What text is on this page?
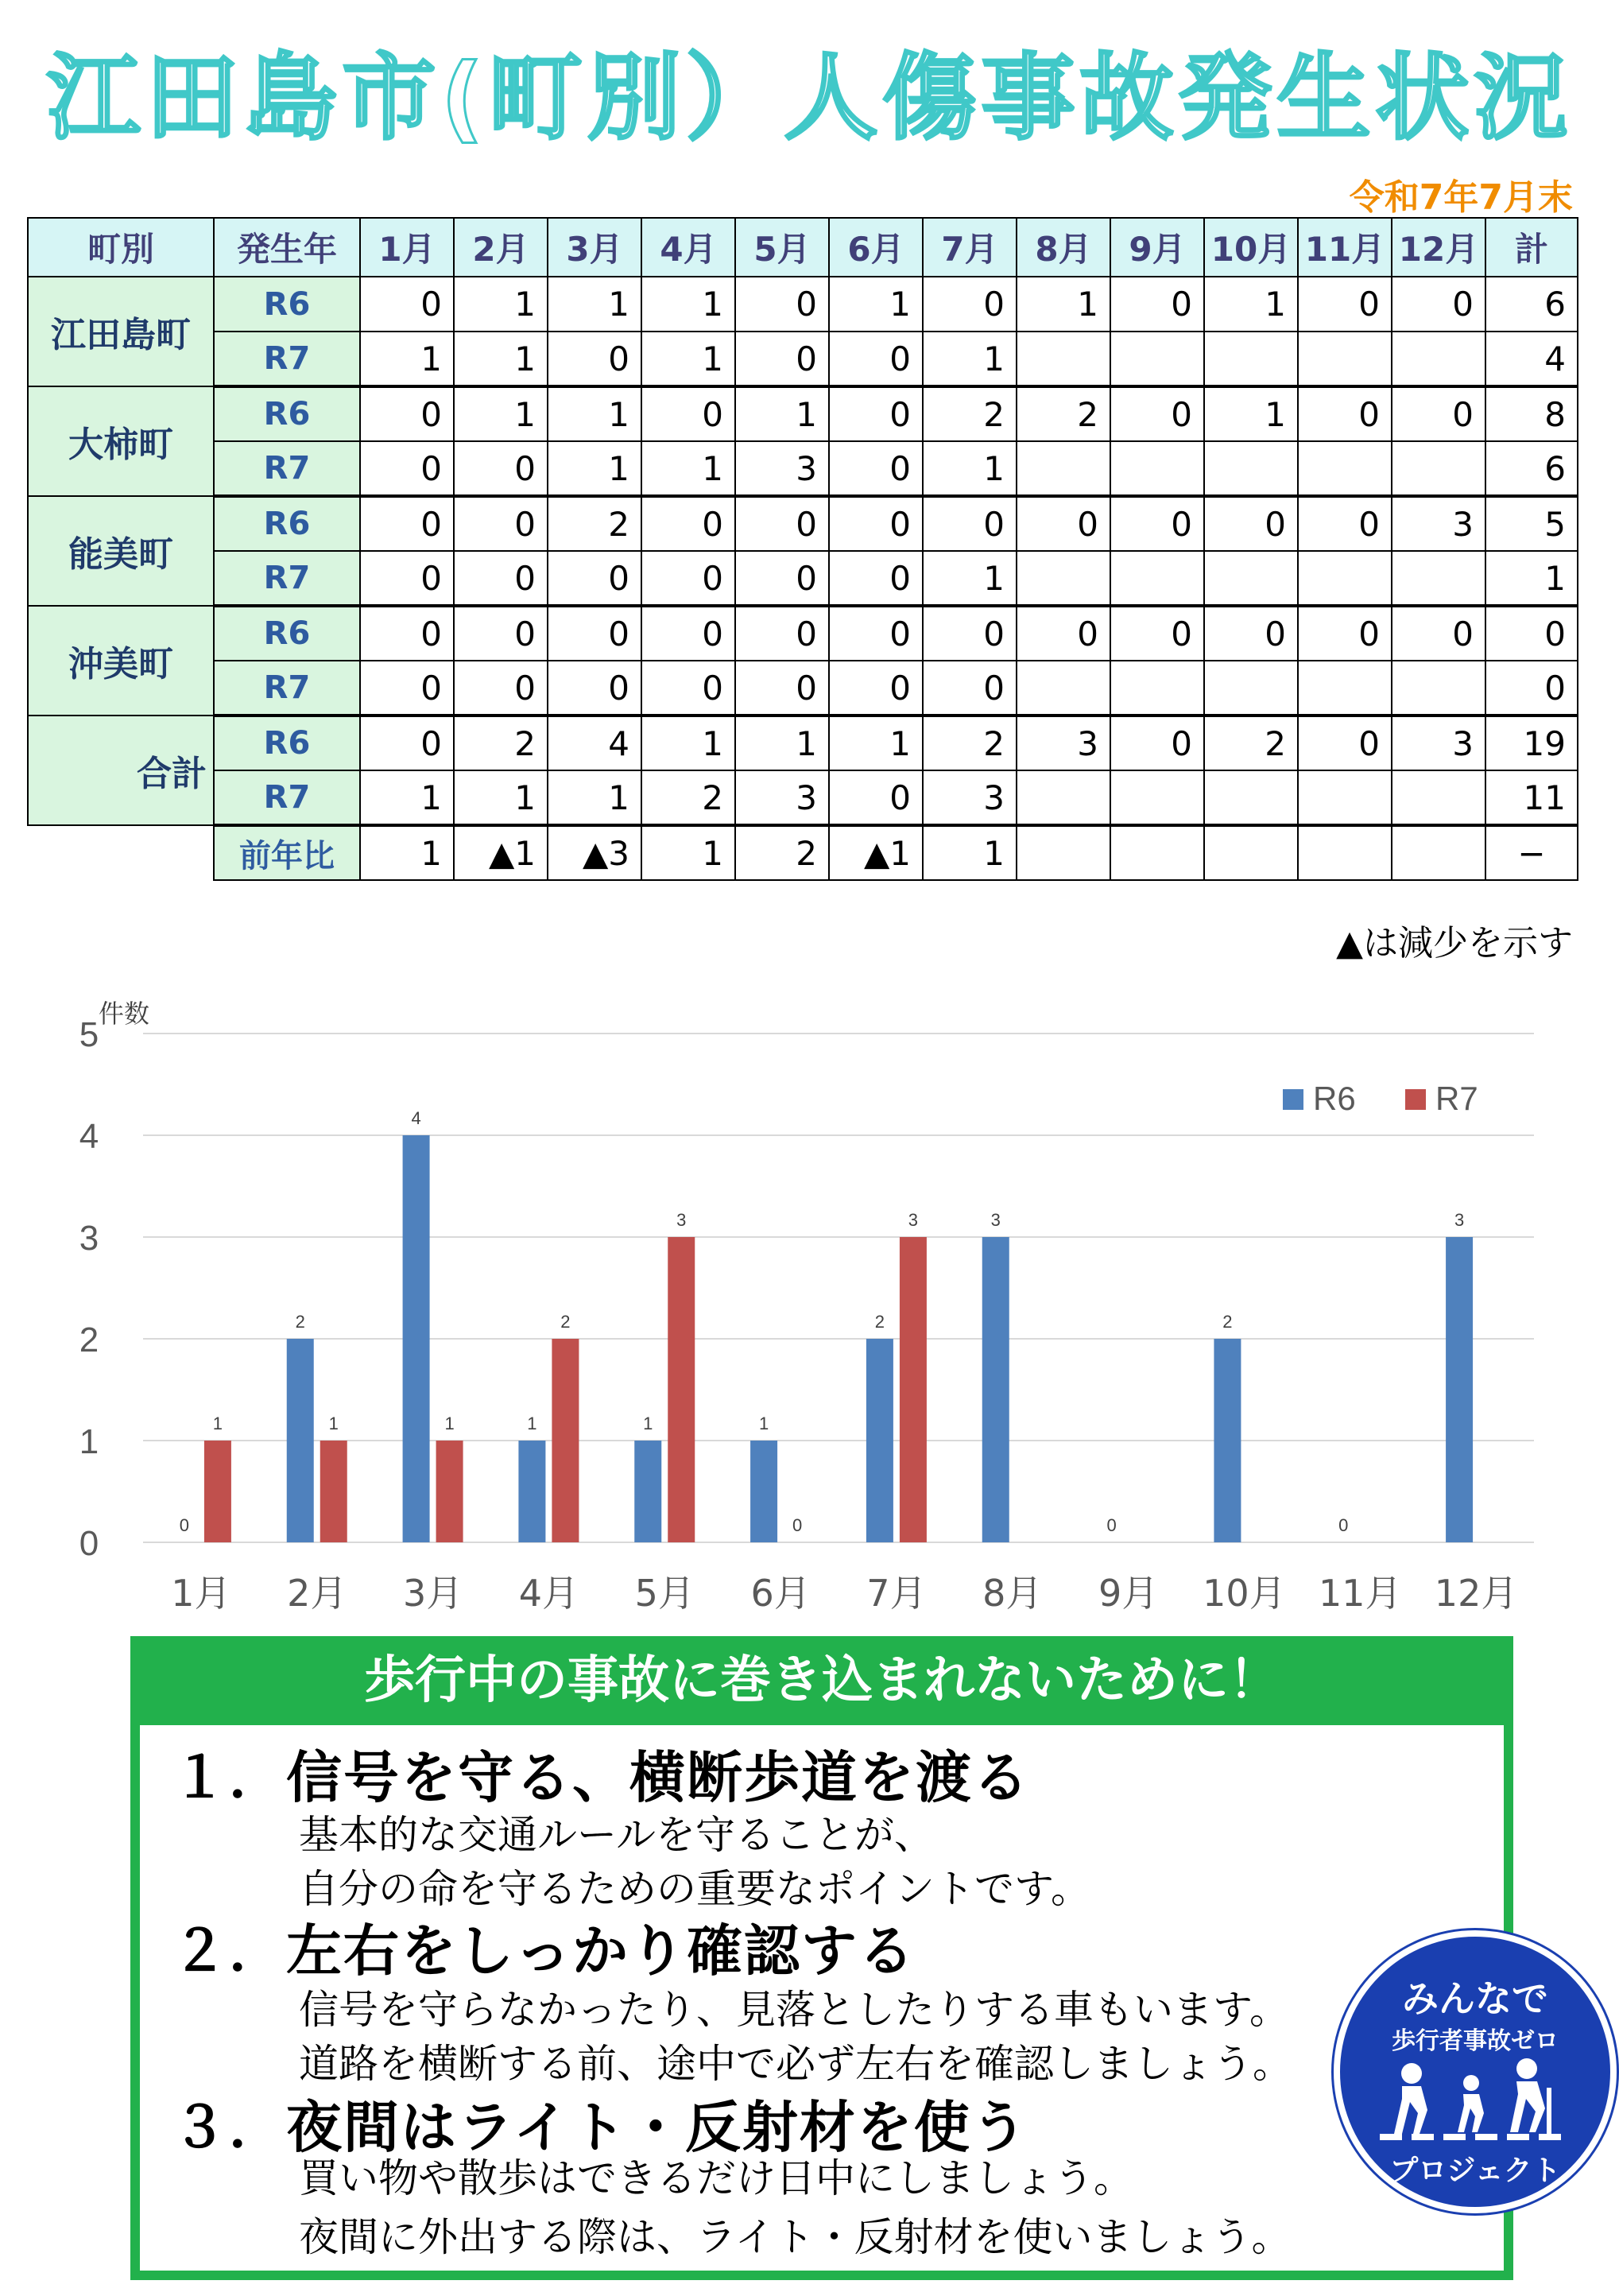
江田島市(町別）人傷事故発生状況
令和7年7月末
町別	発生年	1月	2月	3月	4月	5月	6月	7月	8月	9月	10月	11月	12月	計
江田島町	R6	0	1	1	1	0	1	0	1	0	1	0	0	6
	R7	1	1	0	1	0	0	1						4
大柿町	R6	0	1	1	0	1	0	2	2	0	1	0	0	8
	R7	0	0	1	1	3	0	1						6
能美町	R6	0	0	2	0	0	0	0	0	0	0	0	3	5
	R7	0	0	0	0	0	0	1						1
沖美町	R6	0	0	0	0	0	0	0	0	0	0	0	0	0
	R7	0	0	0	0	0	0	0						0
合計	R6	0	2	4	1	1	1	2	3	0	2	0	3	19
	R7	1	1	1	2	3	0	3						11
	前年比	1	▲1	▲3	1	2	▲1	1						−
▲は減少を示す
0
1
2
3
4
5
件数
1月
0
1
2月
2
1
3月
4
1
4月
1
2
5月
1
3
6月
1
0
7月
2
3
8月
3
9月
0
10月
2
11月
0
12月
3
R6 R7
歩行中の事故に巻き込まれないために！
１．信号を守る、横断歩道を渡る
基本的な交通ルールを守ることが、
自分の命を守るための重要なポイントです。
２．左右をしっかり確認する
信号を守らなかったり、見落としたりする車もいます。
道路を横断する前、途中で必ず左右を確認しましょう。
３．夜間はライト・反射材を使う
買い物や散歩はできるだけ日中にしましょう。
夜間に外出する際は、ライト・反射材を使いましょう。
みんなで
歩行者事故ゼロ
プロジェクト
